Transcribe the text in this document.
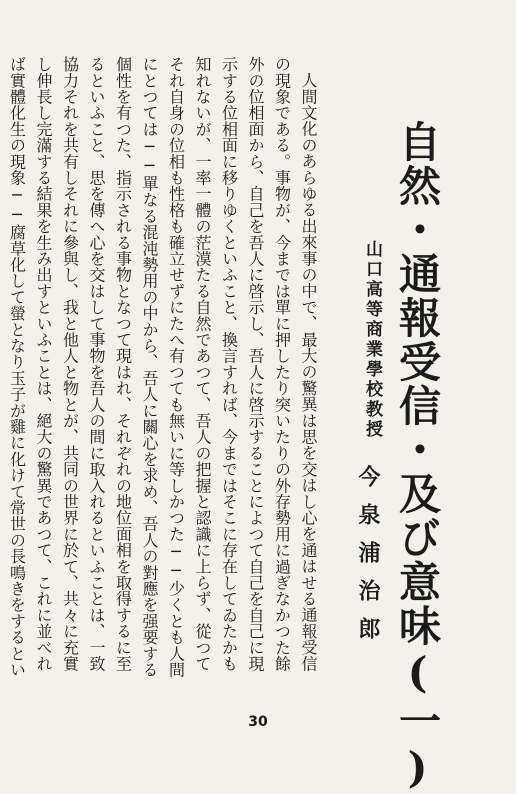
自然・通報受信・及び意味(一)
山口高等商業學校教授
今泉浦治郎

人間文化のあらゆる出來事の中で、最大の驚異は思を交はし心を通はせる通報受信の現象である。事物が、今までは單に押したり突いたりの外存勢用に過ぎなかつた餘外の位相面から、自己を吾人に啓示し、吾人に啓示することによつて自己を自己に現示する位相面に移りゆくといふこと、換言すれば、今まではそこに存在してゐたかも知れないが、一率一體の茫漠たる自然であつて、吾人の把握と認識に上らず、從つてそれ自身の位相も性格も確立せずにたへ有つても無いに等しかつた──少くとも人間にとつては──單なる混沌勢用の中から、吾人に關心を求め、吾人の對應を强要する個性を有つた、指示される事物となつて現はれ、それぞれの地位面相を取得するに至るといふこと、思を傳へ心を交はして事物を吾人の間に取入れるといふことは、一致協力それを共有しそれに參與し、我と他人と物とが、共同の世界に於て、共々に充實し伸長し完滿する結果を生み出すといふことは、絕大の驚異であつて、これに並べれば實體化生の現象──腐草化して螢となり玉子が雞に化けて常世の長鳴きをするとい

30
